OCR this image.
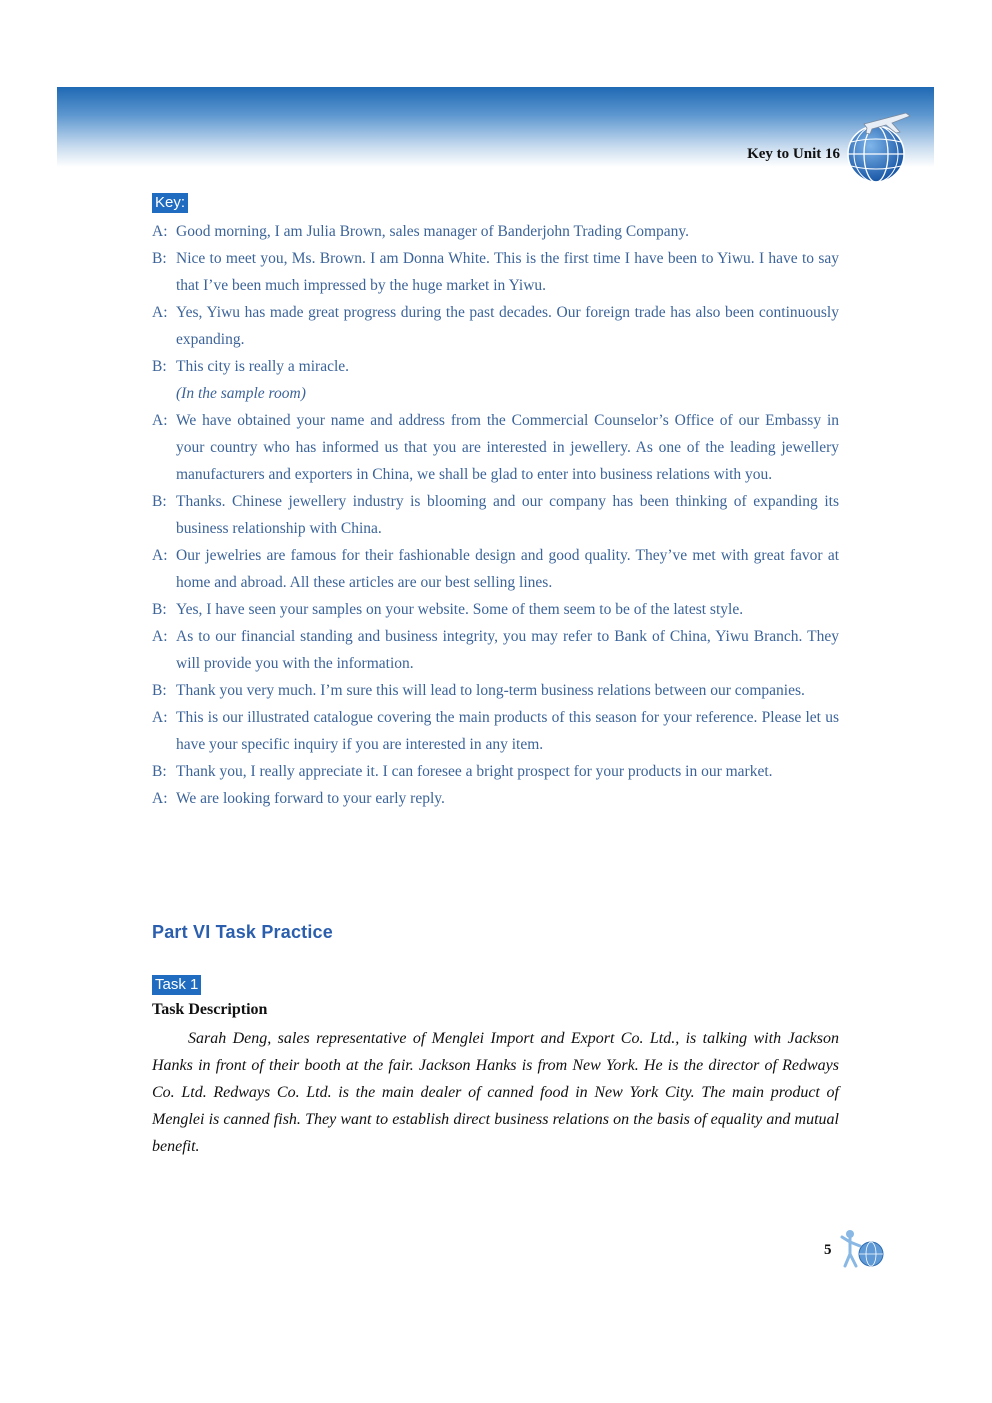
Key to Unit 16
Key:
A: Good morning, I am Julia Brown, sales manager of Banderjohn Trading Company.
B: Nice to meet you, Ms. Brown. I am Donna White. This is the first time I have been to Yiwu. I have to say that I’ve been much impressed by the huge market in Yiwu.
A: Yes, Yiwu has made great progress during the past decades. Our foreign trade has also been continuously expanding.
B: This city is really a miracle.
(In the sample room)
A: We have obtained your name and address from the Commercial Counselor’s Office of our Embassy in your country who has informed us that you are interested in jewellery. As one of the leading jewellery manufacturers and exporters in China, we shall be glad to enter into business relations with you.
B: Thanks. Chinese jewellery industry is blooming and our company has been thinking of expanding its business relationship with China.
A: Our jewelries are famous for their fashionable design and good quality. They’ve met with great favor at home and abroad. All these articles are our best selling lines.
B: Yes, I have seen your samples on your website. Some of them seem to be of the latest style.
A: As to our financial standing and business integrity, you may refer to Bank of China, Yiwu Branch. They will provide you with the information.
B: Thank you very much. I’m sure this will lead to long-term business relations between our companies.
A: This is our illustrated catalogue covering the main products of this season for your reference. Please let us have your specific inquiry if you are interested in any item.
B: Thank you, I really appreciate it. I can foresee a bright prospect for your products in our market.
A: We are looking forward to your early reply.
Part VI Task Practice
Task 1
Task Description

Sarah Deng, sales representative of Menglei Import and Export Co. Ltd., is talking with Jackson Hanks in front of their booth at the fair. Jackson Hanks is from New York. He is the director of Redways Co. Ltd. Redways Co. Ltd. is the main dealer of canned food in New York City. The main product of Menglei is canned fish. They want to establish direct business relations on the basis of equality and mutual benefit.

5
